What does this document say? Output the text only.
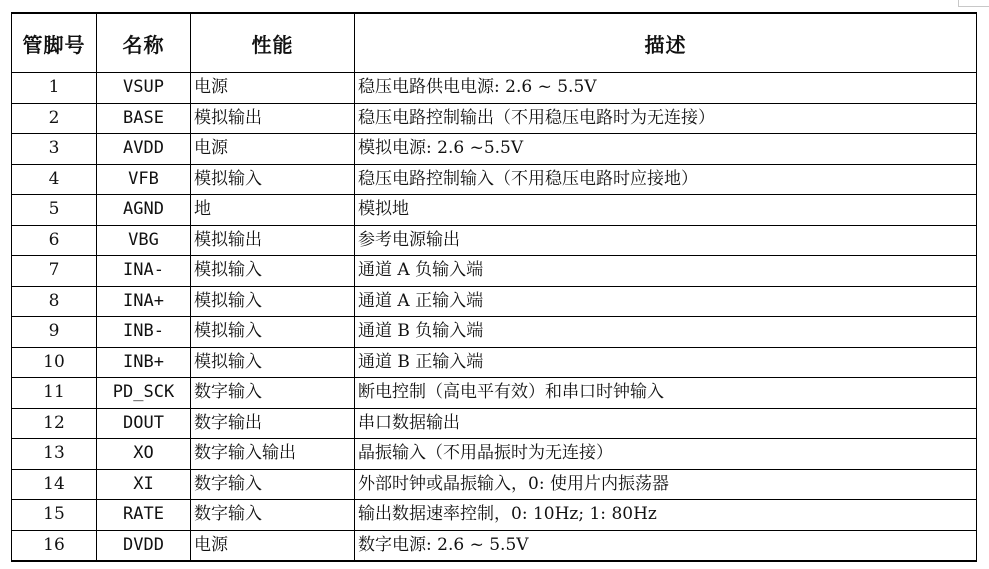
管脚号	名称	性能	描述
1	VSUP	电源	稳压电路供电电源: 2.6 ~ 5.5V
2	BASE	模拟输出	稳压电路控制输出（不用稳压电路时为无连接）
3	AVDD	电源	模拟电源: 2.6 ~5.5V
4	VFB	模拟输入	稳压电路控制输入（不用稳压电路时应接地）
5	AGND	地	模拟地
6	VBG	模拟输出	参考电源输出
7	INA-	模拟输入	通道 A 负输入端
8	INA+	模拟输入	通道 A 正输入端
9	INB-	模拟输入	通道 B 负输入端
10	INB+	模拟输入	通道 B 正输入端
11	PD_SCK	数字输入	断电控制（高电平有效）和串口时钟输入
12	DOUT	数字输出	串口数据输出
13	XO	数字输入输出	晶振输入（不用晶振时为无连接）
14	XI	数字输入	外部时钟或晶振输入，0: 使用片内振荡器
15	RATE	数字输入	输出数据速率控制，0: 10Hz; 1: 80Hz
16	DVDD	电源	数字电源: 2.6 ~ 5.5V
